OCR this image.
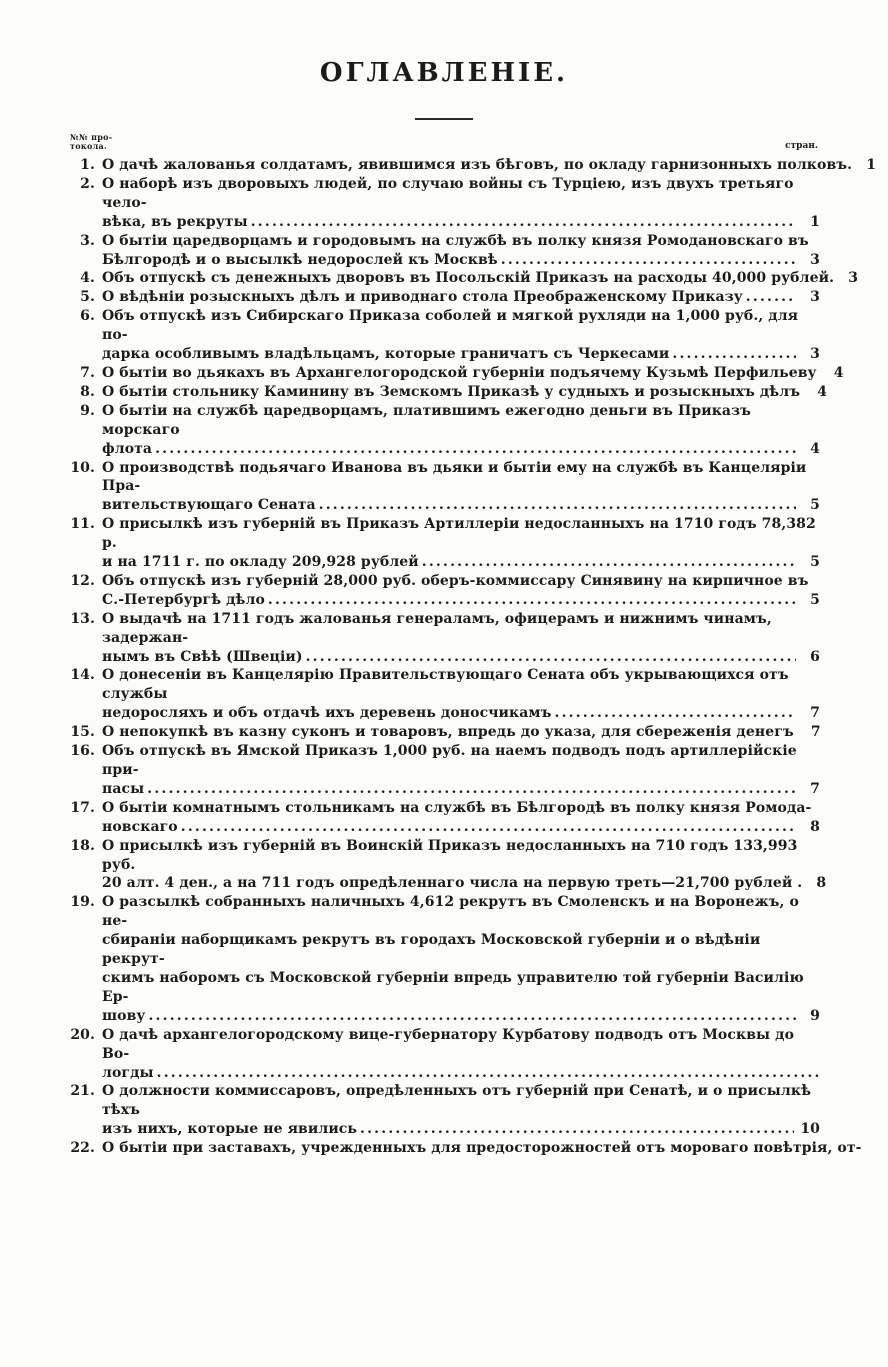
ОГЛАВЛЕНІЕ.
№№ про-
токола.	стран.
1. О дачѣ жалованья солдатамъ, явившимся изъ бѣговъ, по окладу гарнизонныхъ полковъ.	1
2. О наборѣ изъ дворовыхъ людей, по случаю войны съ Турціею, изъ двухъ третьяго чело-
вѣка, въ рекруты .....	1
3. О бытіи царедворцамъ и городовымъ на службѣ въ полку князя Ромодановскаго въ
Бѣлгородѣ и о высылкѣ недорослей къ Москвѣ .....	3
4. Объ отпускѣ съ денежныхъ дворовъ въ Посольскій Приказъ на расходы 40,000 рублей.	3
5. О вѣдѣніи розыскныхъ дѣлъ и приводнаго стола Преображенскому Приказу .....	3
6. Объ отпускѣ изъ Сибирскаго Приказа соболей и мягкой рухляди на 1,000 руб., для по-
дарка особливымъ владѣльцамъ, которые граничатъ съ Черкесами .....	3
7. О бытіи во дьякахъ въ Архангелогородской губерніи подъячему Кузьмѣ Перфильеву	4
8. О бытіи стольнику Каминину въ Земскомъ Приказѣ у судныхъ и розыскныхъ дѣлъ	4
9. О бытіи на службѣ царедворцамъ, платившимъ ежегодно деньги въ Приказъ морскаго
флота .....	4
10. О производствѣ подьячаго Иванова въ дьяки и бытіи ему на службѣ въ Канцеляріи Пра-
вительствующаго Сената .....	5
11. О присылкѣ изъ губерній въ Приказъ Артиллеріи недосланныхъ на 1710 годъ 78,382 р.
и на 1711 г. по окладу 209,928 рублей .....	5
12. Объ отпускѣ изъ губерній 28,000 руб. оберъ-коммиссару Синявину на кирпичное въ
С.-Петербургѣ дѣло .....	5
13. О выдачѣ на 1711 годъ жалованья генераламъ, офицерамъ и нижнимъ чинамъ, задержан-
нымъ въ Свѣѣ (Швеціи) .....	6
14. О донесеніи въ Канцелярію Правительствующаго Сената объ укрывающихся отъ службы
недоросляхъ и объ отдачѣ ихъ деревень доносчикамъ .....	7
15. О непокупкѣ въ казну суконъ и товаровъ, впредь до указа, для сбереженія денегъ	7
16. Объ отпускѣ въ Ямской Приказъ 1,000 руб. на наемъ подводъ подъ артиллерійскіе при-
пасы .....	7
17. О бытіи комнатнымъ стольникамъ на службѣ въ Бѣлгородѣ въ полку князя Ромода-
новскаго .....	8
18. О присылкѣ изъ губерній въ Воинскій Приказъ недосланныхъ на 710 годъ 133,993 руб.
20 алт. 4 ден., а на 711 годъ опредѣленнаго числа на первую треть—21,700 рублей .	8
19. О разсылкѣ собранныхъ наличныхъ 4,612 рекрутъ въ Смоленскъ и на Воронежъ, о не-
сбираніи наборщикамъ рекрутъ въ городахъ Московской губерніи и о вѣдѣніи рекрут-
скимъ наборомъ съ Московской губерніи впредь управителю той губерніи Василію Ер-
шову .....	9
20. О дачѣ архангелогородскому вице-губернатору Курбатову подводъ отъ Москвы до Во-
логды
.....
21. О должности коммиссаровъ, опредѣленныхъ отъ губерній при Сенатѣ, и о присылкѣ тѣхъ
изъ нихъ, которые не явились .....	10
22. О бытіи при заставахъ, учрежденныхъ для предосторожностей отъ мороваго повѣтрія, от-
